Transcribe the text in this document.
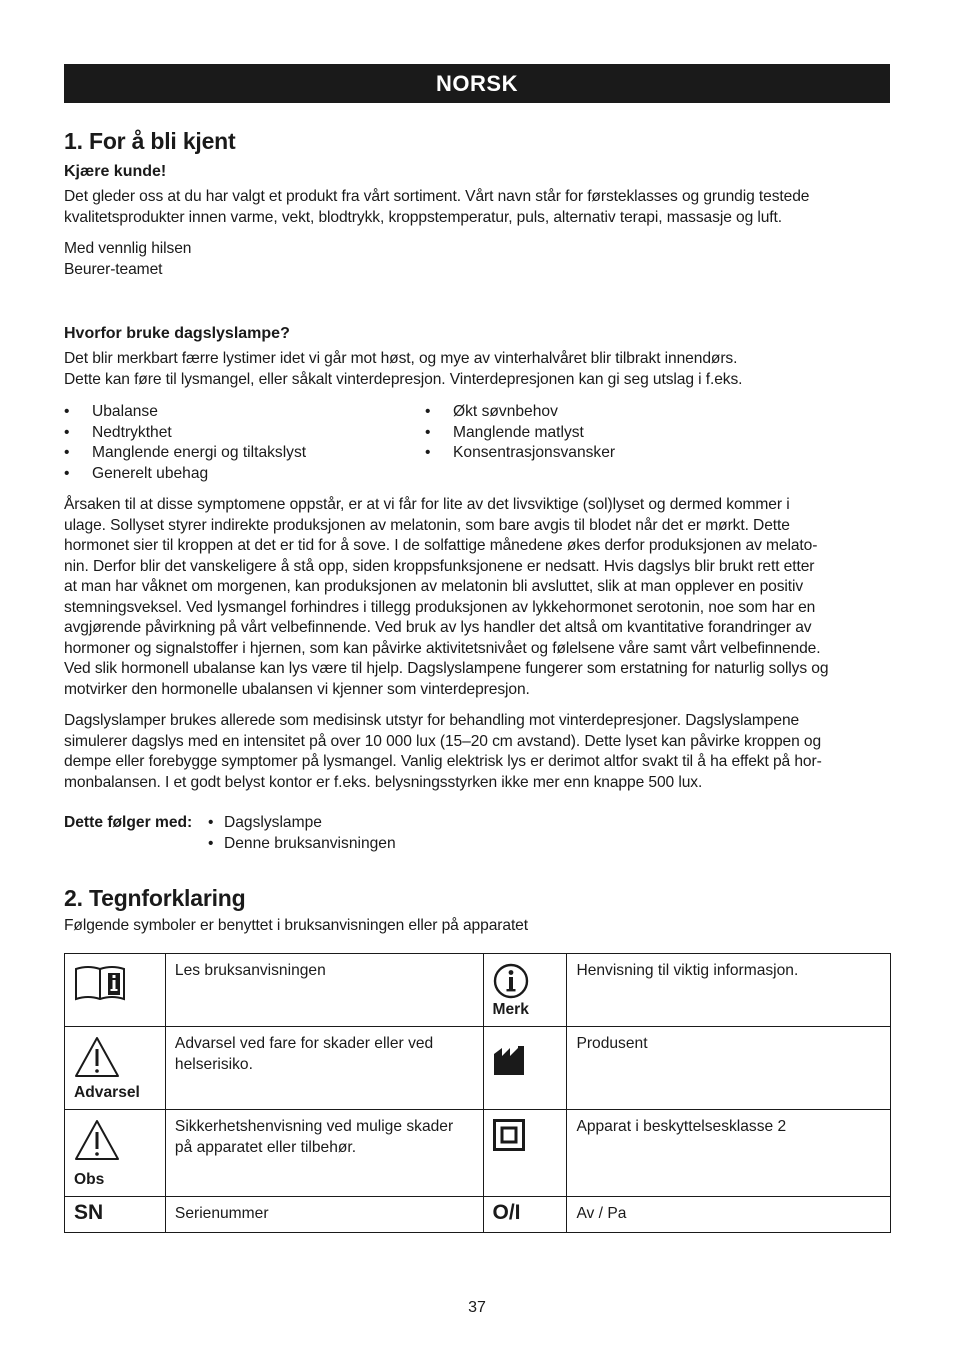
NORSK
1. For å bli kjent
Kjære kunde!
Det gleder oss at du har valgt et produkt fra vårt sortiment. Vårt navn står for førsteklasses og grundig testede
kvalitetsprodukter innen varme, vekt, blodtrykk, kroppstemperatur, puls, alternativ terapi, massasje og luft.
Med vennlig hilsen
Beurer-teamet
Hvorfor bruke dagslyslampe?
Det blir merkbart færre lystimer idet vi går mot høst, og mye av vinterhalvåret blir tilbrakt innendørs.
Dette kan føre til lysmangel, eller såkalt vinterdepresjon. Vinterdepresjonen kan gi seg utslag i f.eks.
• Ubalanse
• Nedtrykthet
• Manglende energi og tiltakslyst
• Generelt ubehag
• Økt søvnbehov
• Manglende matlyst
• Konsentrasjonsvansker
Årsaken til at disse symptomene oppstår, er at vi får for lite av det livsviktige (sol)lyset og dermed kommer i
ulage. Sollyset styrer indirekte produksjonen av melatonin, som bare avgis til blodet når det er mørkt. Dette
hormonet sier til kroppen at det er tid for å sove. I de solfattige månedene økes derfor produksjonen av melato-
nin. Derfor blir det vanskeligere å stå opp, siden kroppsfunksjonene er nedsatt. Hvis dagslys blir brukt rett etter
at man har våknet om morgenen, kan produksjonen av melatonin bli avsluttet, slik at man opplever en positiv
stemningsveksel. Ved lysmangel forhindres i tillegg produksjonen av lykkehormonet serotonin, noe som har en
avgjørende påvirkning på vårt velbefinnende. Ved bruk av lys handler det altså om kvantitative forandringer av
hormoner og signalstoffer i hjernen, som kan påvirke aktivitetsnivået og følelsene våre samt vårt velbefinnende.
Ved slik hormonell ubalanse kan lys være til hjelp. Dagslyslampene fungerer som erstatning for naturlig sollys og
motvirker den hormonelle ubalansen vi kjenner som vinterdepresjon.
Dagslyslamper brukes allerede som medisinsk utstyr for behandling mot vinterdepresjoner. Dagslyslampene
simulerer dagslys med en intensitet på over 10 000 lux (15–20 cm avstand). Dette lyset kan påvirke kroppen og
dempe eller forebygge symptomer på lysmangel. Vanlig elektrisk lys er derimot altfor svakt til å ha effekt på hor-
monbalansen. I et godt belyst kontor er f.eks. belysningsstyrken ikke mer enn knappe 500 lux.
Dette følger med:	• Dagslyslampe
• Denne bruksanvisningen
2. Tegnforklaring
Følgende symboler er benyttet i bruksanvisningen eller på apparatet
	Les bruksanvisningen	Merk	Henvisning til viktig informasjon.

Advarsel	Advarsel ved fare for skader eller ved helserisiko.		Produsent

Obs	Sikkerhetshenvisning ved mulige skader på apparatet eller tilbehør.		Apparat i beskyttelsesklasse 2
SN	Serienummer	O/I	Av / Pa
37
